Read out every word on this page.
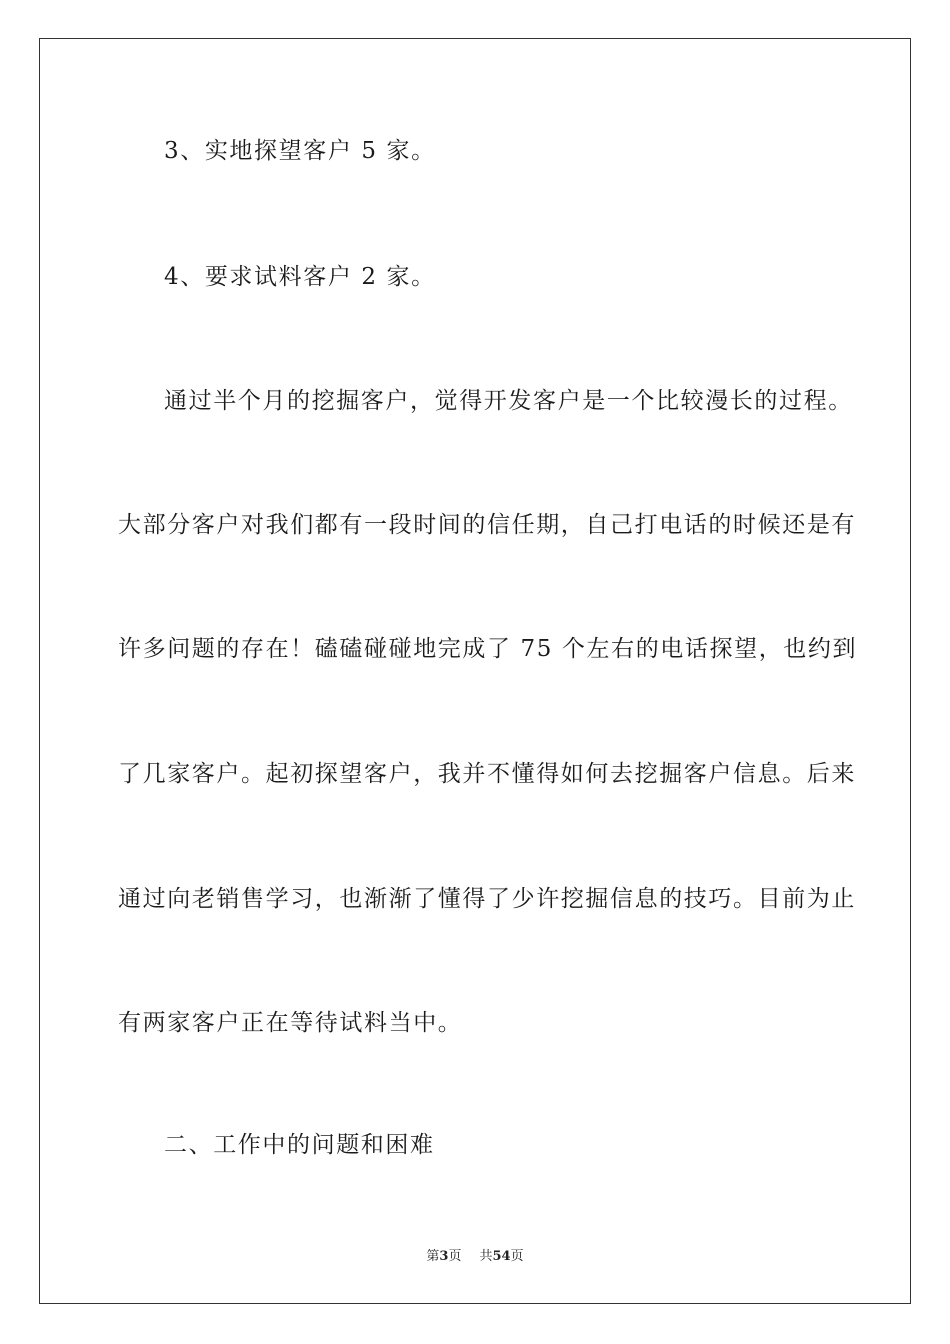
3、实地探望客户 5 家。
4、要求试料客户 2 家。
通过半个月的挖掘客户，觉得开发客户是一个比较漫长的过程。
大部分客户对我们都有一段时间的信任期，自己打电话的时候还是有
许多问题的存在！磕磕碰碰地完成了 75 个左右的电话探望，也约到
了几家客户。起初探望客户，我并不懂得如何去挖掘客户信息。后来
通过向老销售学习，也渐渐了懂得了少许挖掘信息的技巧。目前为止
有两家客户正在等待试料当中。
二、工作中的问题和困难
第3页 共54页
